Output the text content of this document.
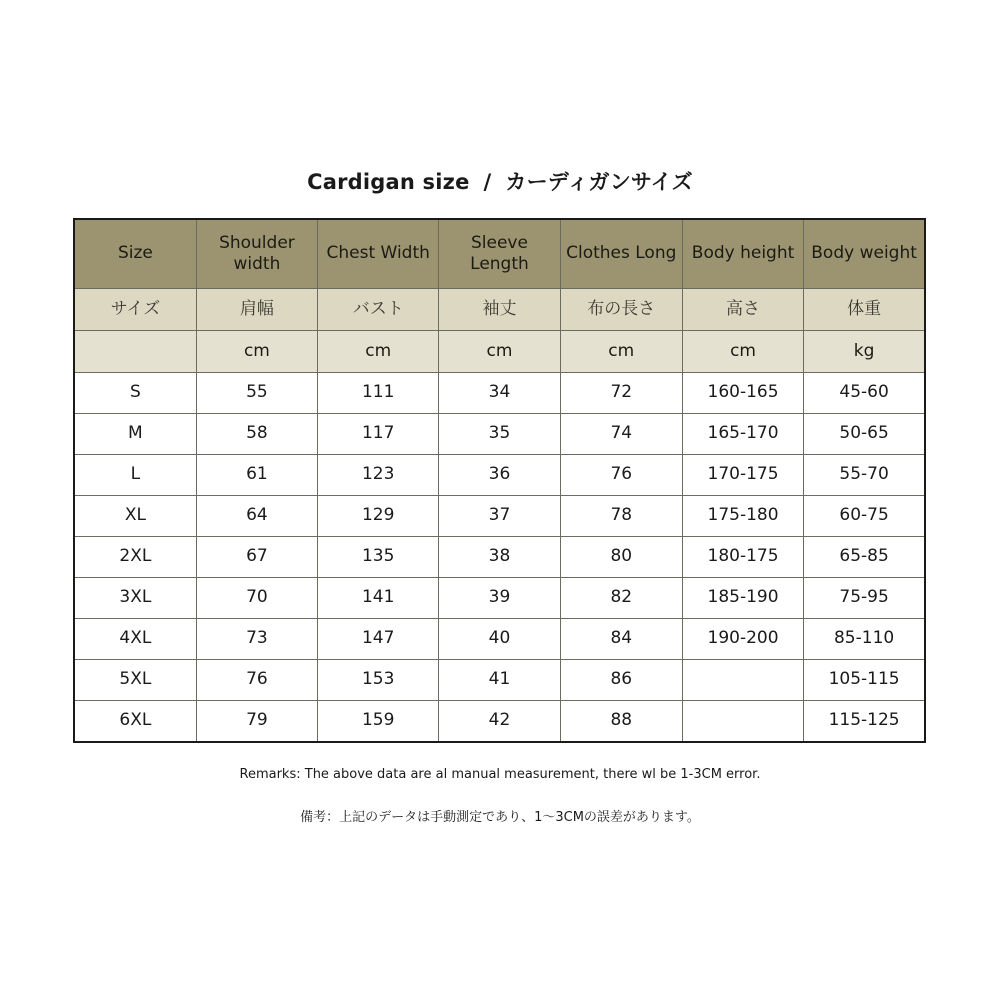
Cardigan size / カーディガンサイズ
Size	Shoulder width	Chest Width	Sleeve Length	Clothes Long	Body height	Body weight
サイズ	肩幅	バスト	袖丈	布の長さ	高さ	体重
	cm	cm	cm	cm	cm	kg
S	55	111	34	72	160-165	45-60
M	58	117	35	74	165-170	50-65
L	61	123	36	76	170-175	55-70
XL	64	129	37	78	175-180	60-75
2XL	67	135	38	80	180-175	65-85
3XL	70	141	39	82	185-190	75-95
4XL	73	147	40	84	190-200	85-110
5XL	76	153	41	86		105-115
6XL	79	159	42	88		115-125
Remarks: The above data are al manual measurement, there wl be 1-3CM error.
備考：上記のデータは手動測定であり、1～3CMの誤差があります。
